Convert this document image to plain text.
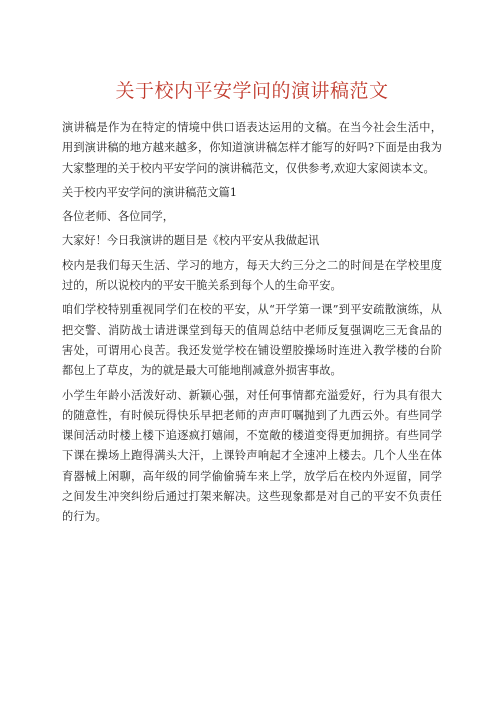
关于校内平安学问的演讲稿范文

演讲稿是作为在特定的情境中供口语表达运用的文稿。在当今社会生活中，用到演讲稿的地方越来越多，你知道演讲稿怎样才能写的好吗?下面是由我为大家整理的关于校内平安学问的演讲稿范文，仅供参考,欢迎大家阅读本文。

关于校内平安学问的演讲稿范文篇1

各位老师、各位同学，

大家好！今日我演讲的题目是《校内平安从我做起讯

校内是我们每天生活、学习的地方，每天大约三分之二的时间是在学校里度过的，所以说校内的平安干脆关系到每个人的生命平安。

咱们学校特别重视同学们在校的平安，从“开学第一课”到平安疏散演练，从把交警、消防战士请进课堂到每天的值周总结中老师反复强调吃三无食品的害处，可谓用心良苦。我还发觉学校在铺设塑胶操场时连进入教学楼的台阶都包上了草皮，为的就是最大可能地削减意外损害事故。

小学生年龄小活泼好动、新颖心强，对任何事情都充溢爱好，行为具有很大的随意性，有时候玩得快乐早把老师的声声叮嘱抛到了九西云外。有些同学课间活动时楼上楼下追逐疯打嬉闹，不宽敞的楼道变得更加拥挤。有些同学下课在操场上跑得满头大汗，上课铃声响起才全速冲上楼去。几个人坐在体育器械上闲聊，高年级的同学偷偷骑车来上学，放学后在校内外逗留，同学之间发生冲突纠纷后通过打架来解决。这些现象都是对自己的平安不负责任的行为。
